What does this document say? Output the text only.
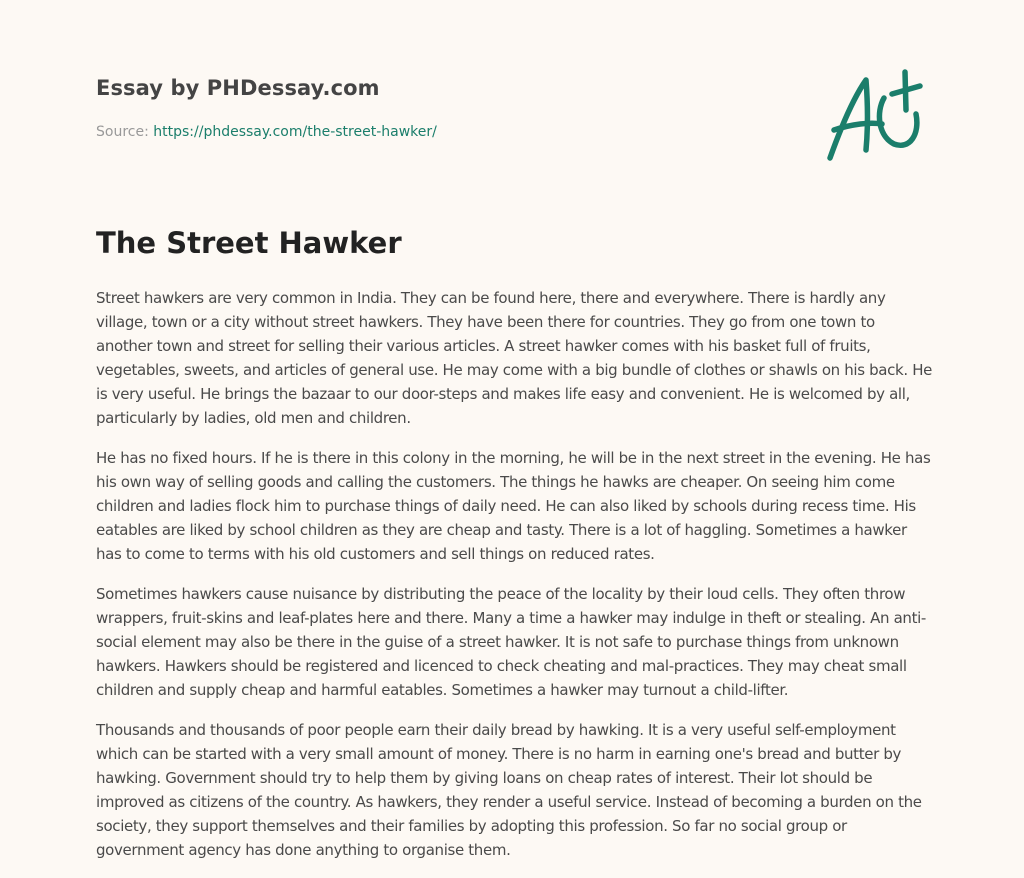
Essay by PHDessay.com
Source: https://phdessay.com/the-street-hawker/
The Street Hawker

Street hawkers are very common in India. They can be found here, there and everywhere. There is hardly any village, town or a city without street hawkers. They have been there for countries. They go from one town to another town and street for selling their various articles. A street hawker comes with his basket full of fruits, vegetables, sweets, and articles of general use. He may come with a big bundle of clothes or shawls on his back. He is very useful. He brings the bazaar to our door-steps and makes life easy and convenient. He is welcomed by all, particularly by ladies, old men and children.

He has no fixed hours. If he is there in this colony in the morning, he will be in the next street in the evening. He has his own way of selling goods and calling the customers. The things he hawks are cheaper. On seeing him come children and ladies flock him to purchase things of daily need. He can also liked by schools during recess time. His eatables are liked by school children as they are cheap and tasty. There is a lot of haggling. Sometimes a hawker has to come to terms with his old customers and sell things on reduced rates.

Sometimes hawkers cause nuisance by distributing the peace of the locality by their loud cells. They often throw wrappers, fruit-skins and leaf-plates here and there. Many a time a hawker may indulge in theft or stealing. An anti-social element may also be there in the guise of a street hawker. It is not safe to purchase things from unknown hawkers. Hawkers should be registered and licenced to check cheating and mal-practices. They may cheat small children and supply cheap and harmful eatables. Sometimes a hawker may turnout a child-lifter.

Thousands and thousands of poor people earn their daily bread by hawking. It is a very useful self-employment which can be started with a very small amount of money. There is no harm in earning one's bread and butter by hawking. Government should try to help them by giving loans on cheap rates of interest. Their lot should be improved as citizens of the country. As hawkers, they render a useful service. Instead of becoming a burden on the society, they support themselves and their families by adopting this profession. So far no social group or government agency has done anything to organise them.
